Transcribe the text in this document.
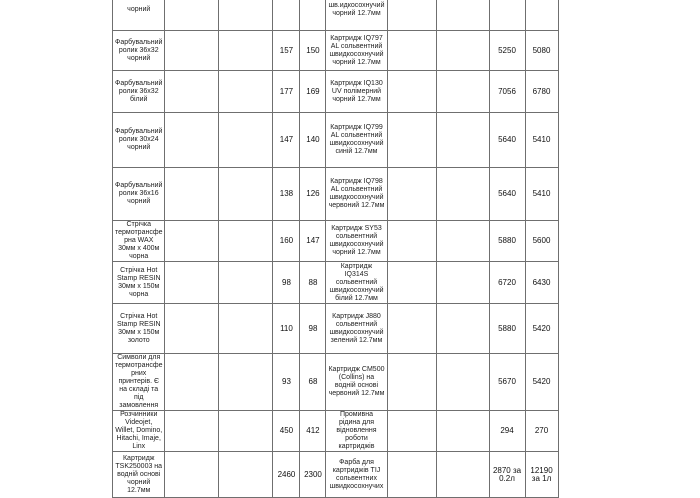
чорний					шв.идкосохнучий чорний 12.7мм	

Фарбувальний ролик 36x32 чорний			157	150	Картридж IQ797 AL сольвентний швидкосохнучий чорний 12.7мм			5250	5080
Фарбувальний ролик 36x32 білий			177	169	Картридж IQ130 UV полімерний чорний 12.7мм			7056	6780
Фарбувальний ролик 30x24 чорний			147	140	Картридж IQ799 AL сольвентний швидкосохнучий синій 12.7мм			5640	5410
Фарбувальний ролик 36x16 чорний			138	126	Картридж IQ798 AL сольвентний швидкосохнучий червоний 12.7мм			5640	5410
Стрічка термотрансфе рна WAX 30мм x 400м чорна			160	147	Картридж SY53 сольвентний швидкосохнучий чорний 12.7мм			5880	5600
Стрічка Hot Stamp RESIN 30мм x 150м чорна			98	88	Картридж IQ314S сольвентний швидкосохнучий білий 12.7мм			6720	6430
Стрічка Hot Stamp RESIN 30мм x 150м золото			110	98	Картридж J880 сольвентний швидкосохнучий зелений 12.7мм			5880	5420
Символи для термотрансфе рних принтерів. Є на складі та під замовлення			93	68	Картридж CM500 (Collins) на водній основі червоний 12.7мм			5670	5420
Розчинники Videojet, Willet, Domino, Hitachi, Imaje, Linx			450	412	Промивна рідина для відновлення роботи картриджів			294	270
Картридж TSK250003 на водній основі чорний 12.7мм			2460	2300	Фарба для картриджів TIJ сольвентних швидкосохнучих			2870 за 0.2л	12190 за 1л
